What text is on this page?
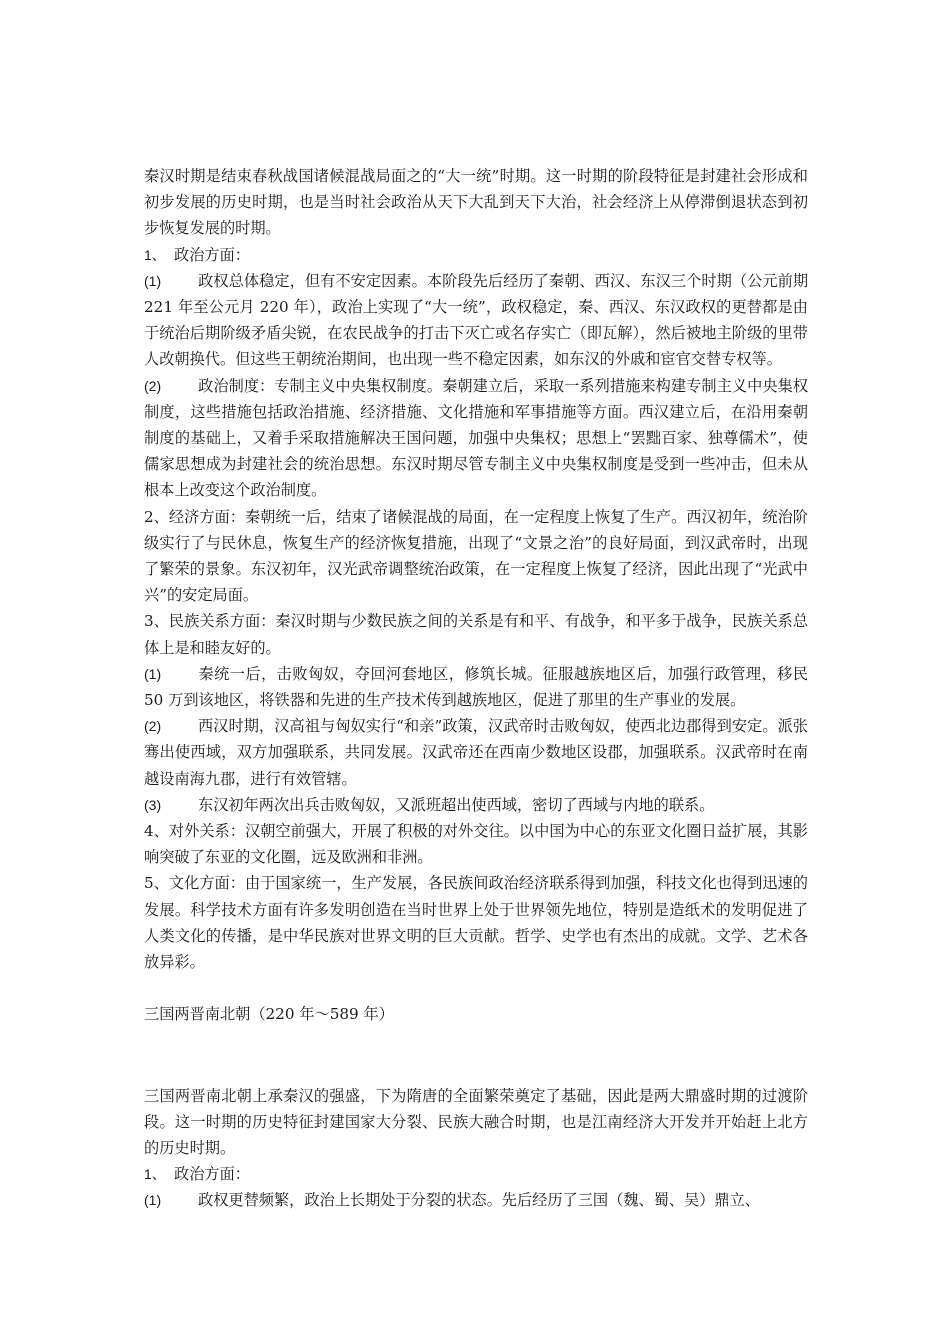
秦汉时期是结束春秋战国诸候混战局面之的“大一统”时期。这一时期的阶段特征是封建社会形成和初步发展的历史时期，也是当时社会政治从天下大乱到天下大治，社会经济上从停滞倒退状态到初步恢复发展的时期。

1、 政治方面：

(1) 政权总体稳定，但有不安定因素。本阶段先后经历了秦朝、西汉、东汉三个时期（公元前期 221 年至公元月 220 年），政治上实现了“大一统”，政权稳定，秦、西汉、东汉政权的更替都是由于统治后期阶级矛盾尖锐，在农民战争的打击下灭亡或名存实亡（即瓦解），然后被地主阶级的里带人改朝换代。但这些王朝统治期间，也出现一些不稳定因素，如东汉的外戚和宦官交替专权等。

(2) 政治制度：专制主义中央集权制度。秦朝建立后，采取一系列措施来构建专制主义中央集权制度，这些措施包括政治措施、经济措施、文化措施和军事措施等方面。西汉建立后，在沿用秦朝制度的基础上，又着手采取措施解决王国问题，加强中央集权；思想上“罢黜百家、独尊儒术”，使儒家思想成为封建社会的统治思想。东汉时期尽管专制主义中央集权制度是受到一些冲击，但未从根本上改变这个政治制度。

2、经济方面：秦朝统一后，结束了诸候混战的局面，在一定程度上恢复了生产。西汉初年，统治阶级实行了与民休息，恢复生产的经济恢复措施，出现了“文景之治”的良好局面，到汉武帝时，出现了繁荣的景象。东汉初年，汉光武帝调整统治政策，在一定程度上恢复了经济，因此出现了“光武中兴”的安定局面。

3、民族关系方面：秦汉时期与少数民族之间的关系是有和平、有战争，和平多于战争，民族关系总体上是和睦友好的。

(1) 秦统一后，击败匈奴，夺回河套地区，修筑长城。征服越族地区后，加强行政管理，移民 50 万到该地区，将铁器和先进的生产技术传到越族地区，促进了那里的生产事业的发展。

(2) 西汉时期，汉高祖与匈奴实行“和亲”政策，汉武帝时击败匈奴，使西北边郡得到安定。派张骞出使西域，双方加强联系，共同发展。汉武帝还在西南少数地区设郡，加强联系。汉武帝时在南越设南海九郡，进行有效管辖。

(3) 东汉初年两次出兵击败匈奴，又派班超出使西域，密切了西域与内地的联系。

4、对外关系：汉朝空前强大，开展了积极的对外交往。以中国为中心的东亚文化圈日益扩展，其影响突破了东亚的文化圈，远及欧洲和非洲。

5、文化方面：由于国家统一，生产发展，各民族间政治经济联系得到加强，科技文化也得到迅速的发展。科学技术方面有许多发明创造在当时世界上处于世界领先地位，特别是造纸术的发明促进了人类文化的传播，是中华民族对世界文明的巨大贡献。哲学、史学也有杰出的成就。文学、艺术各放异彩。

三国两晋南北朝（220 年～589 年）

三国两晋南北朝上承秦汉的强盛，下为隋唐的全面繁荣奠定了基础，因此是两大鼎盛时期的过渡阶段。这一时期的历史特征封建国家大分裂、民族大融合时期，也是江南经济大开发并开始赶上北方的历史时期。

1、 政治方面：

(1) 政权更替频繁，政治上长期处于分裂的状态。先后经历了三国（魏、蜀、吴）鼎立、
